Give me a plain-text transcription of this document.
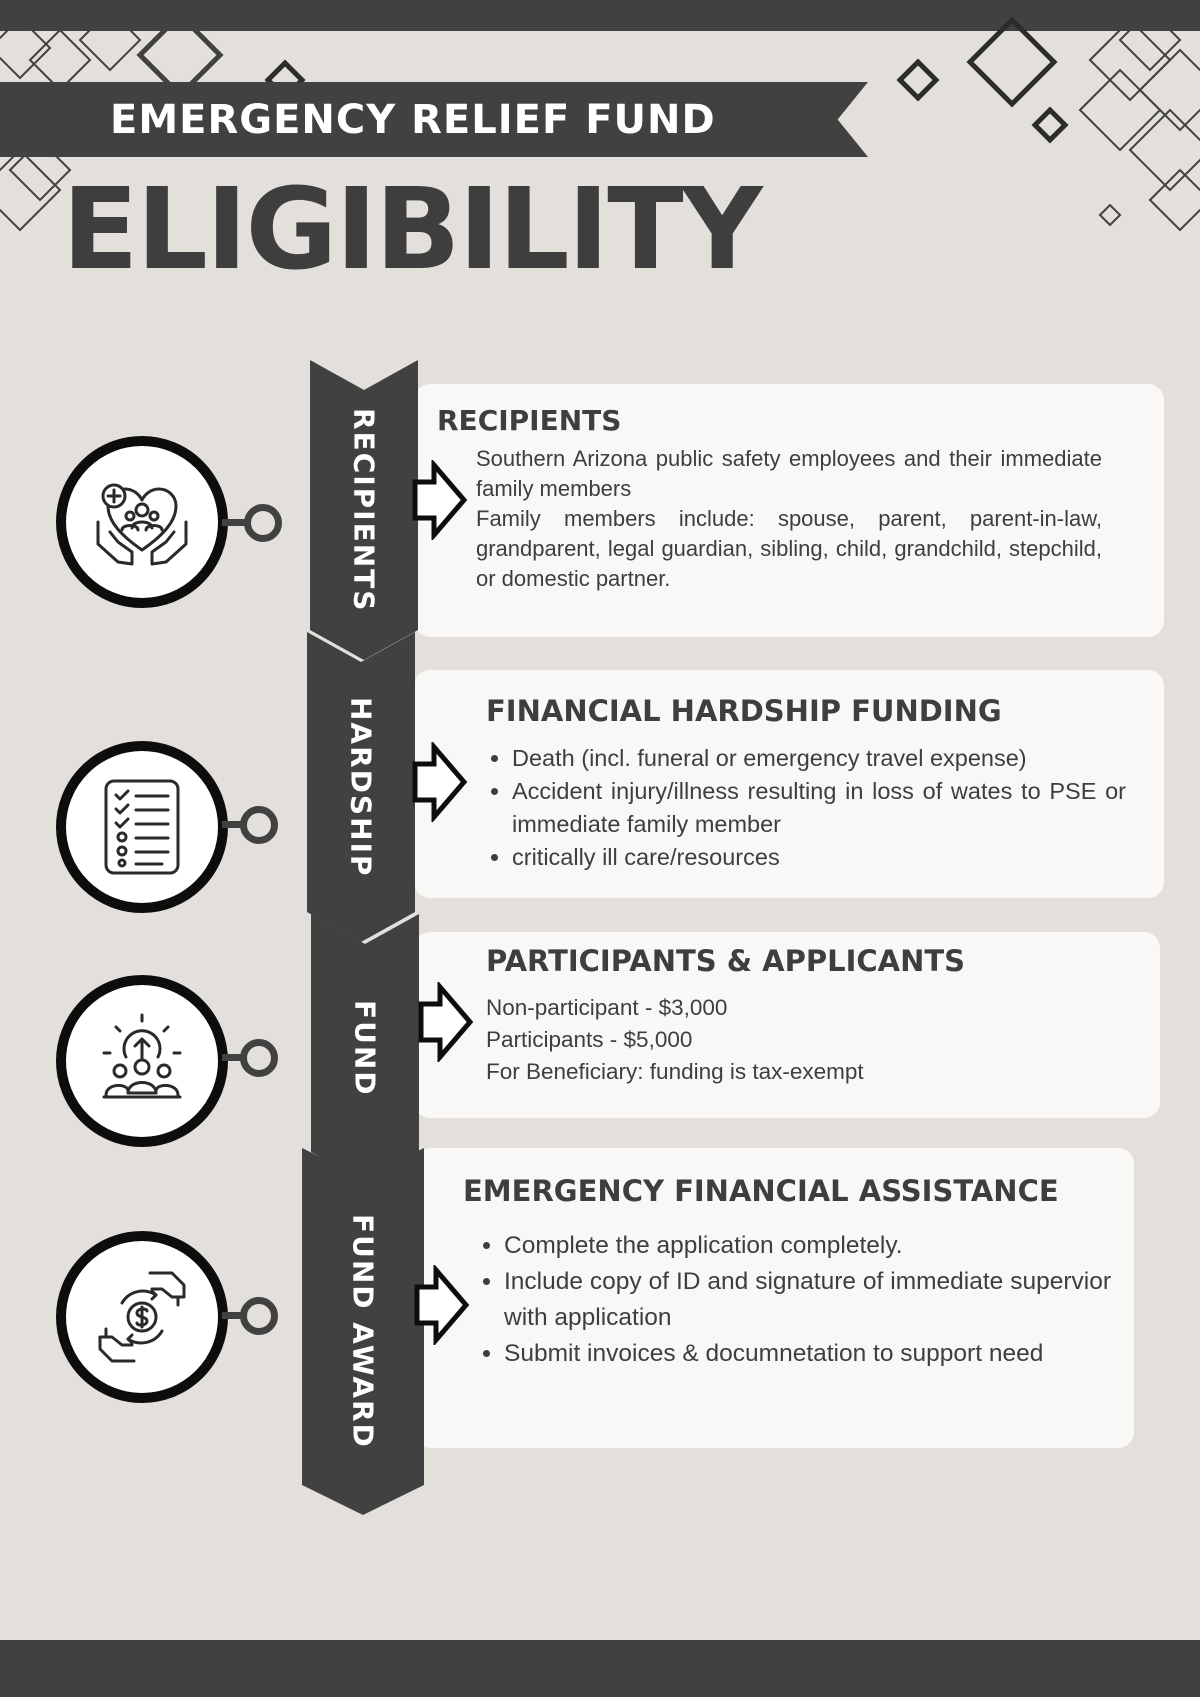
EMERGENCY RELIEF FUND
ELIGIBILITY
RECIPIENTS

Southern Arizona public safety employees and their immediate family members

Family members include: spouse, parent, parent-in-law, grandparent, legal guardian, sibling, child, grandchild, stepchild, or domestic partner.

RECIPIENTS
FINANCIAL HARDSHIP FUNDING
• Death (incl. funeral or emergency travel expense)
• Accident injury/illness resulting in loss of wates to PSE or immediate family member
• critically ill care/resources
HARDSHIP
PARTICIPANTS & APPLICANTS
Non-participant - $3,000
Participants - $5,000
For Beneficiary: funding is tax-exempt
FUND
EMERGENCY FINANCIAL ASSISTANCE
• Complete the application completely.
• Include copy of ID and signature of immediate supervior with application
• Submit invoices & documnetation to support need
FUND AWARD
